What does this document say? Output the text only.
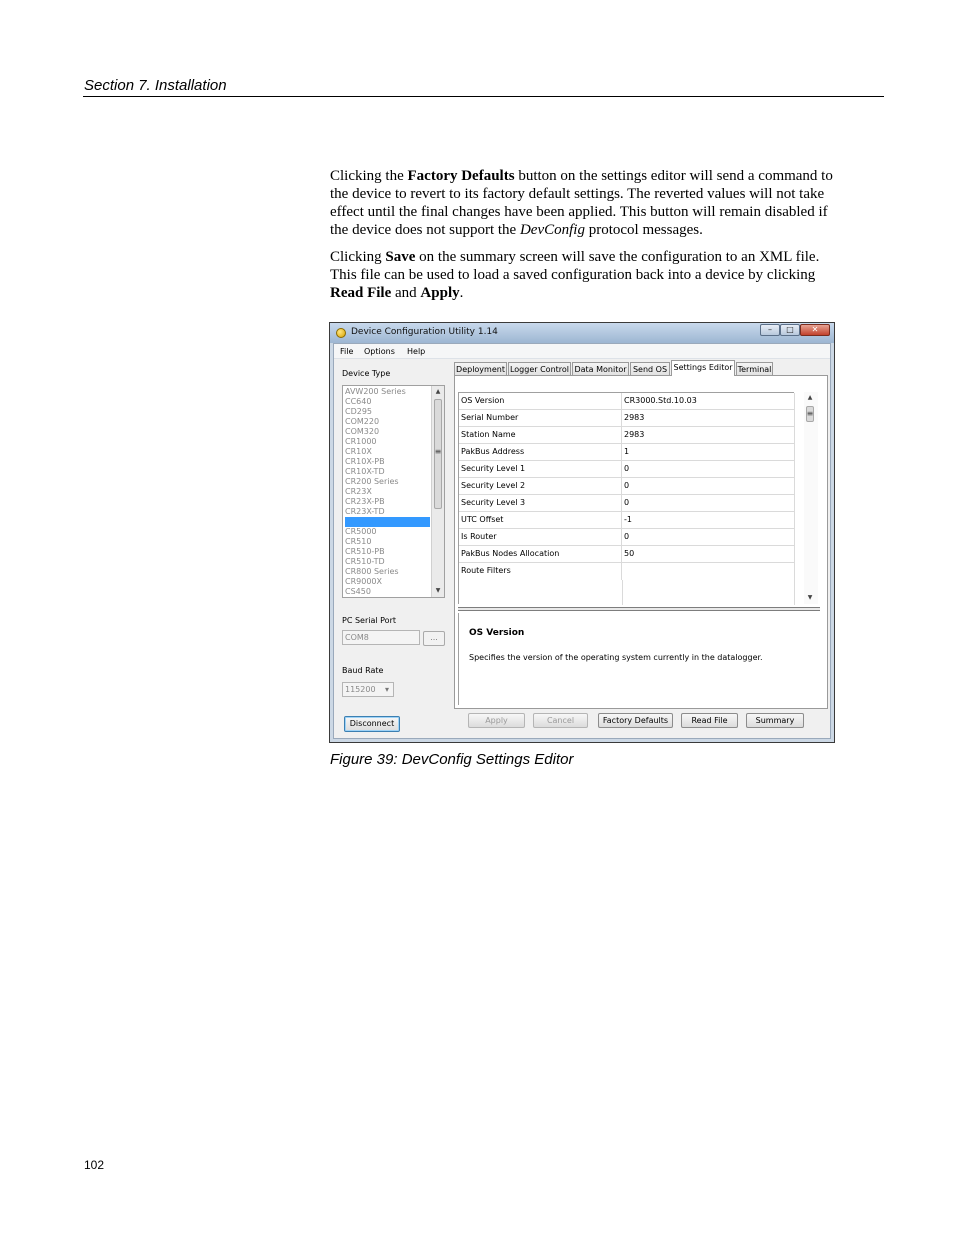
Section 7. Installation

Clicking the Factory Defaults button on the settings editor will send a command to the device to revert to its factory default settings. The reverted values will not take effect until the final changes have been applied. This button will remain disabled if the device does not support the DevConfig protocol messages.

Clicking Save on the summary screen will save the configuration to an XML file. This file can be used to load a saved configuration back into a device by clicking Read File and Apply.

Device Configuration Utility 1.14	–	□	✕
File Options Help
Device Type
▲
≡
▼
AVW200 Series
CC640
CD295
COM220
COM320
CR1000
CR10X
CR10X-PB
CR10X-TD
CR200 Series
CR23X
CR23X-PB
CR23X-TD
CR3000
CR5000
CR510
CR510-PB
CR510-TD
CR800 Series
CR9000X
CS450
PC Serial Port
COM8	...
Baud Rate
115200 ▾
Disconnect
Deployment Logger Control Data Monitor Send OS Settings Editor Terminal
OS Version	CR3000.Std.10.03
Serial Number	2983
Station Name	2983
PakBus Address	1
Security Level 1	0
Security Level 2	0
Security Level 3	0
UTC Offset	-1
Is Router	0
PakBus Nodes Allocation	50
Route Filters
▲
≡
▼
OS Version
Specifies the version of the operating system currently in the datalogger.
Apply	Cancel	Factory Defaults	Read File	Summary
Figure 39: DevConfig Settings Editor
102
